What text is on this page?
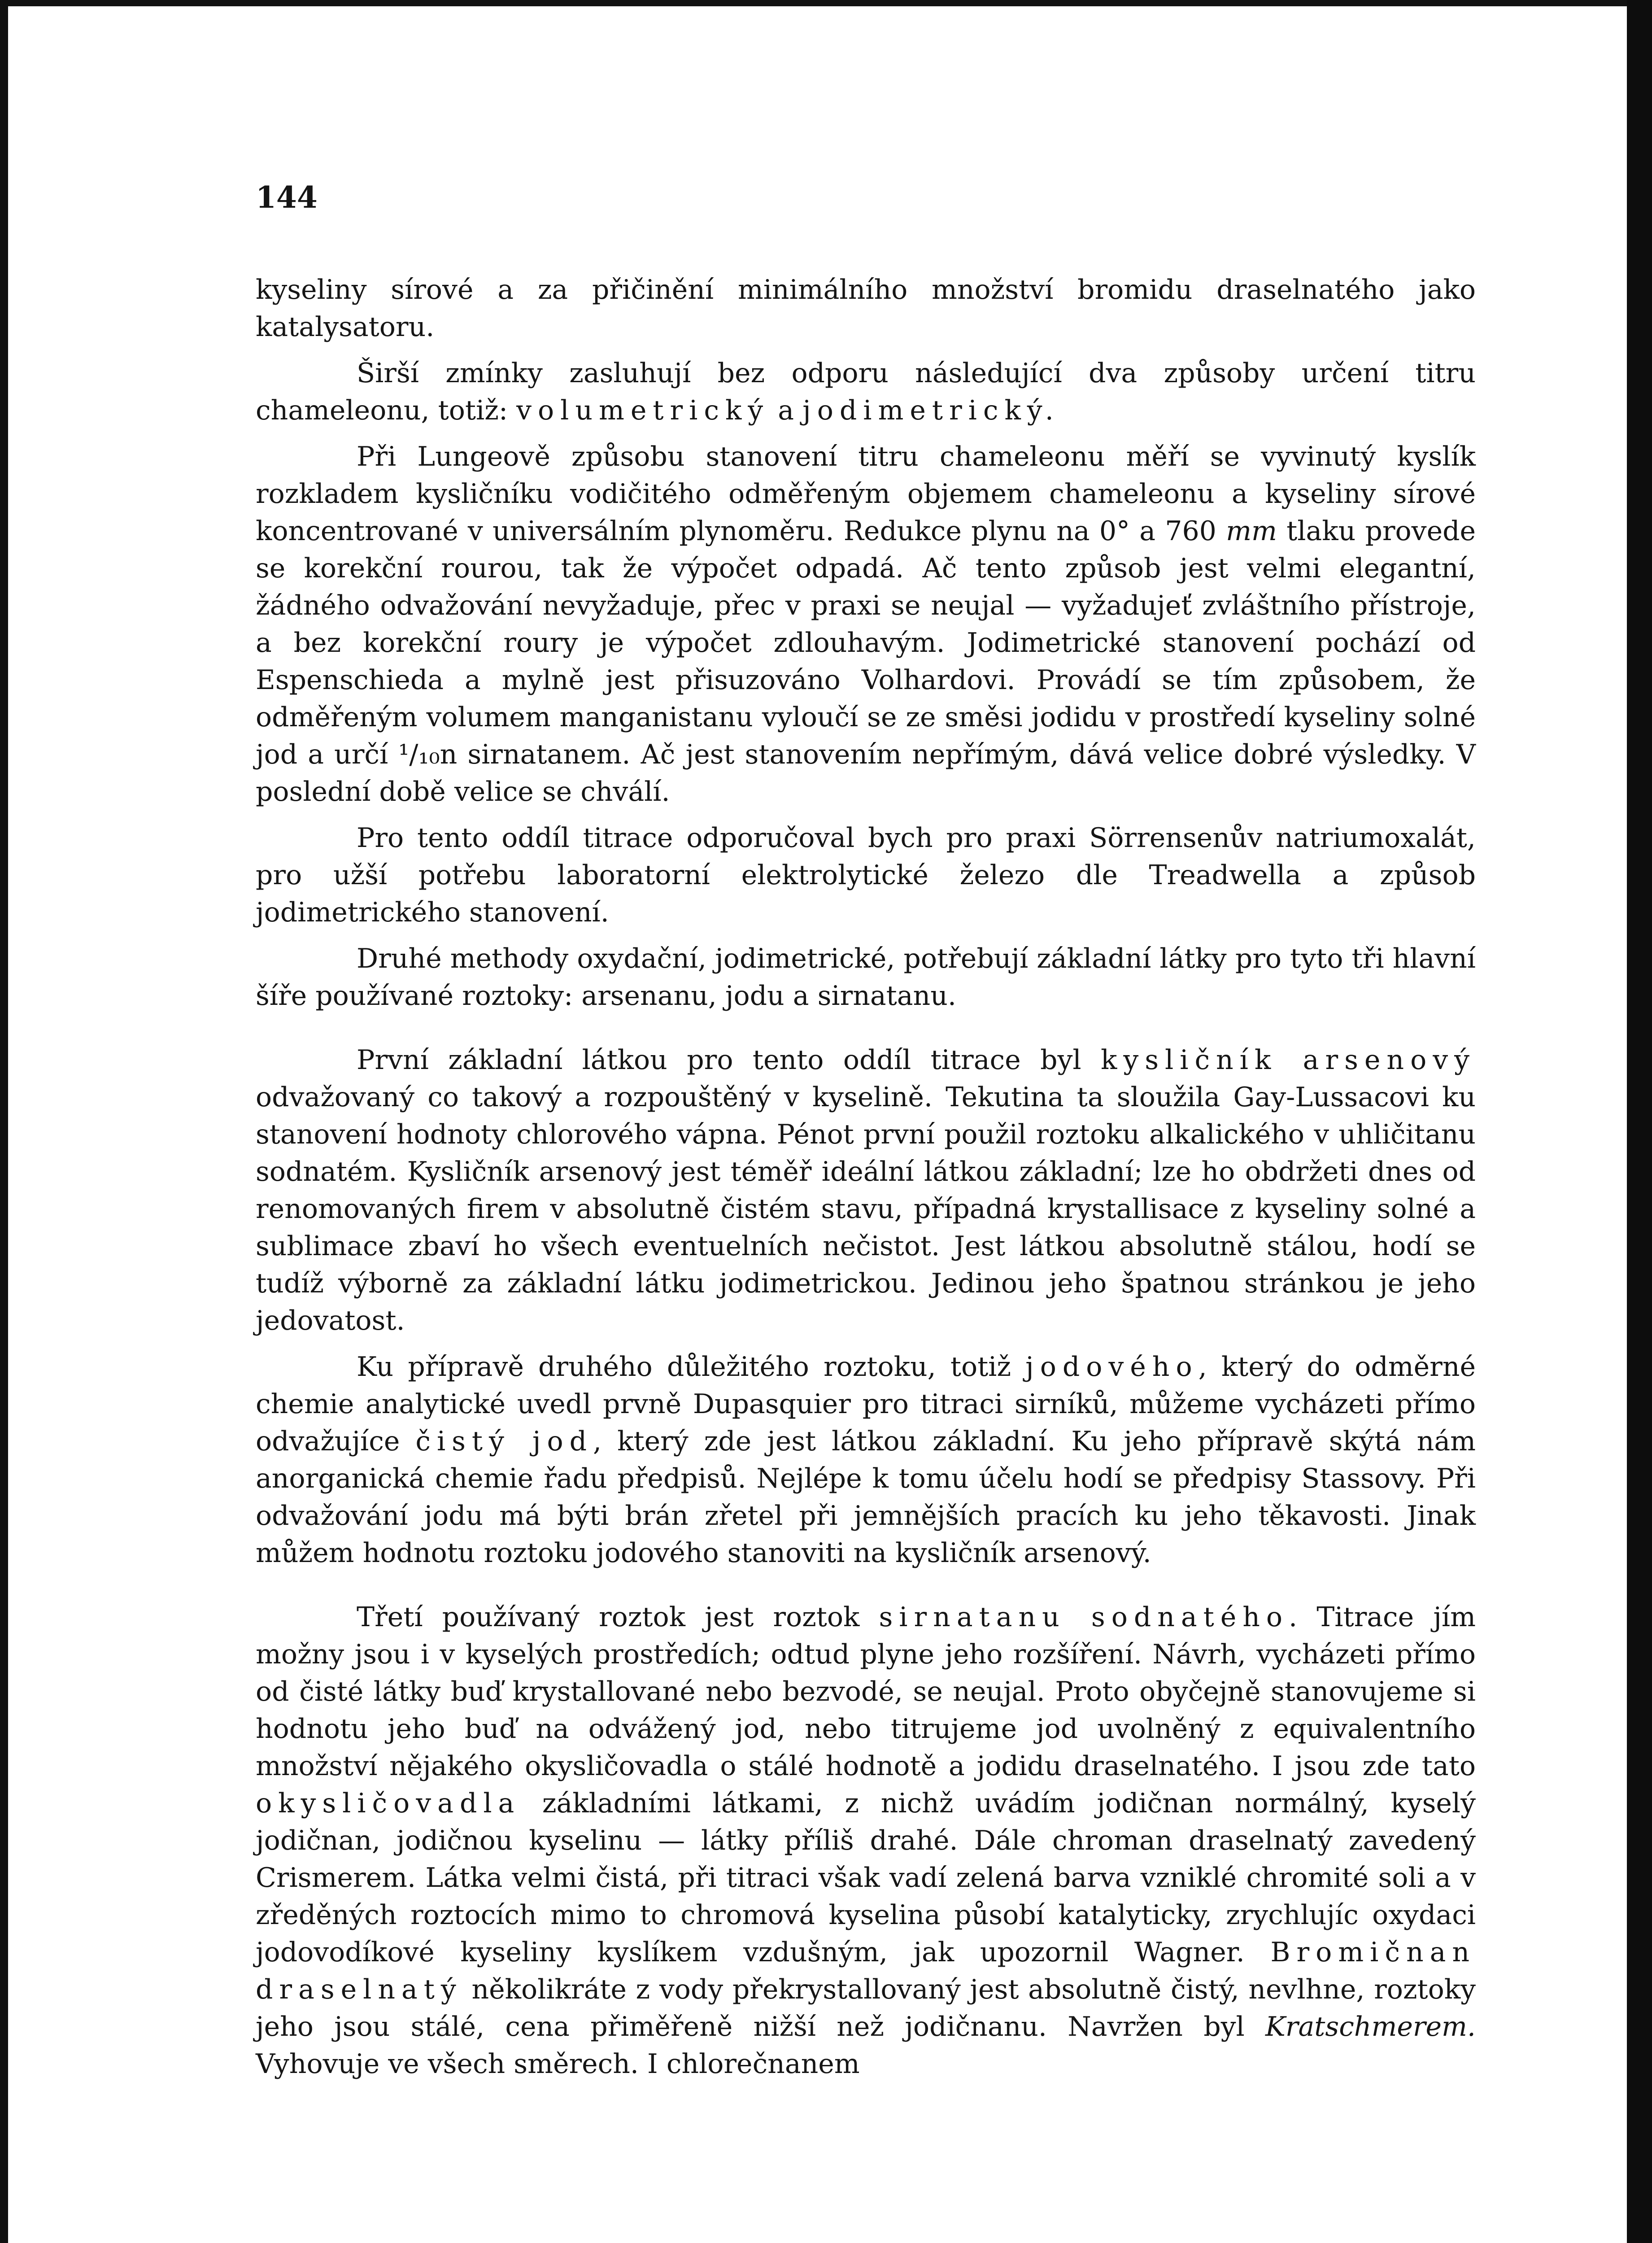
144

kyseliny sírové a za přičinění minimálního množství bromidu draselnatého jako katalysatoru.

Širší zmínky zasluhují bez odporu následující dva způsoby určení titru chameleonu, totiž: volumetrický a jodimetrický.

Při Lungeově způsobu stanovení titru chameleonu měří se vyvinutý kyslík rozkladem kysličníku vodičitého odměřeným objemem chameleonu a kyseliny sírové koncentrované v universálním plynoměru. Redukce plynu na 0° a 760 mm tlaku provede se korekční rourou, tak že výpočet odpadá. Ač tento způsob jest velmi elegantní, žádného odvažování nevyžaduje, přec v praxi se neujal — vyžadujeť zvláštního přístroje, a bez korekční roury je výpočet zdlouhavým. Jodimetrické stanovení pochází od Espenschieda a mylně jest přisuzováno Volhardovi. Provádí se tím způsobem, že odměřeným volumem manganistanu vyloučí se ze směsi jodidu v prostředí kyseliny solné jod a určí ¹/₁₀n sirnatanem. Ač jest stanovením nepřímým, dává velice dobré výsledky. V poslední době velice se chválí.

Pro tento oddíl titrace odporučoval bych pro praxi Sörrensenův natriumoxalát, pro užší potřebu laboratorní elektrolytické železo dle Treadwella a způsob jodimetrického stanovení.

Druhé methody oxydační, jodimetrické, potřebují základní látky pro tyto tři hlavní šíře používané roztoky: arsenanu, jodu a sirnatanu.

První základní látkou pro tento oddíl titrace byl kysličník arsenový odvažovaný co takový a rozpouštěný v kyselině. Tekutina ta sloužila Gay-Lussacovi ku stanovení hodnoty chlorového vápna. Pénot první použil roztoku alkalického v uhličitanu sodnatém. Kysličník arsenový jest téměř ideální látkou základní; lze ho obdržeti dnes od renomovaných firem v absolutně čistém stavu, případná krystallisace z kyseliny solné a sublimace zbaví ho všech eventuelních nečistot. Jest látkou absolutně stálou, hodí se tudíž výborně za základní látku jodimetrickou. Jedinou jeho špatnou stránkou je jeho jedovatost.

Ku přípravě druhého důležitého roztoku, totiž jodového, který do odměrné chemie analytické uvedl prvně Dupasquier pro titraci sirníků, můžeme vycházeti přímo odvažujíce čistý jod, který zde jest látkou základní. Ku jeho přípravě skýtá nám anorganická chemie řadu předpisů. Nejlépe k tomu účelu hodí se předpisy Stassovy. Při odvažování jodu má býti brán zřetel při jemnějších pracích ku jeho těkavosti. Jinak můžem hodnotu roztoku jodového stanoviti na kysličník arsenový.

Třetí používaný roztok jest roztok sirnatanu sodnatého. Titrace jím možny jsou i v kyselých prostředích; odtud plyne jeho rozšíření. Návrh, vycházeti přímo od čisté látky buď krystallované nebo bezvodé, se neujal. Proto obyčejně stanovujeme si hodnotu jeho buď na odvážený jod, nebo titrujeme jod uvolněný z equivalentního množství nějakého okysličovadla o stálé hodnotě a jodidu draselnatého. I jsou zde tato okysličovadla základními látkami, z nichž uvádím jodičnan normálný, kyselý jodičnan, jodičnou kyselinu — látky příliš drahé. Dále chroman draselnatý zavedený Crismerem. Látka velmi čistá, při titraci však vadí zelená barva vzniklé chromité soli a v zředěných roztocích mimo to chromová kyselina působí katalyticky, zrychlujíc oxydaci jodovodíkové kyseliny kyslíkem vzdušným, jak upozornil Wagner. Bromičnan draselnatý několikráte z vody překrystallovaný jest absolutně čistý, nevlhne, roztoky jeho jsou stálé, cena přiměřeně nižší než jodičnanu. Navržen byl Kratschmerem. Vyhovuje ve všech směrech. I chlorečnanem
